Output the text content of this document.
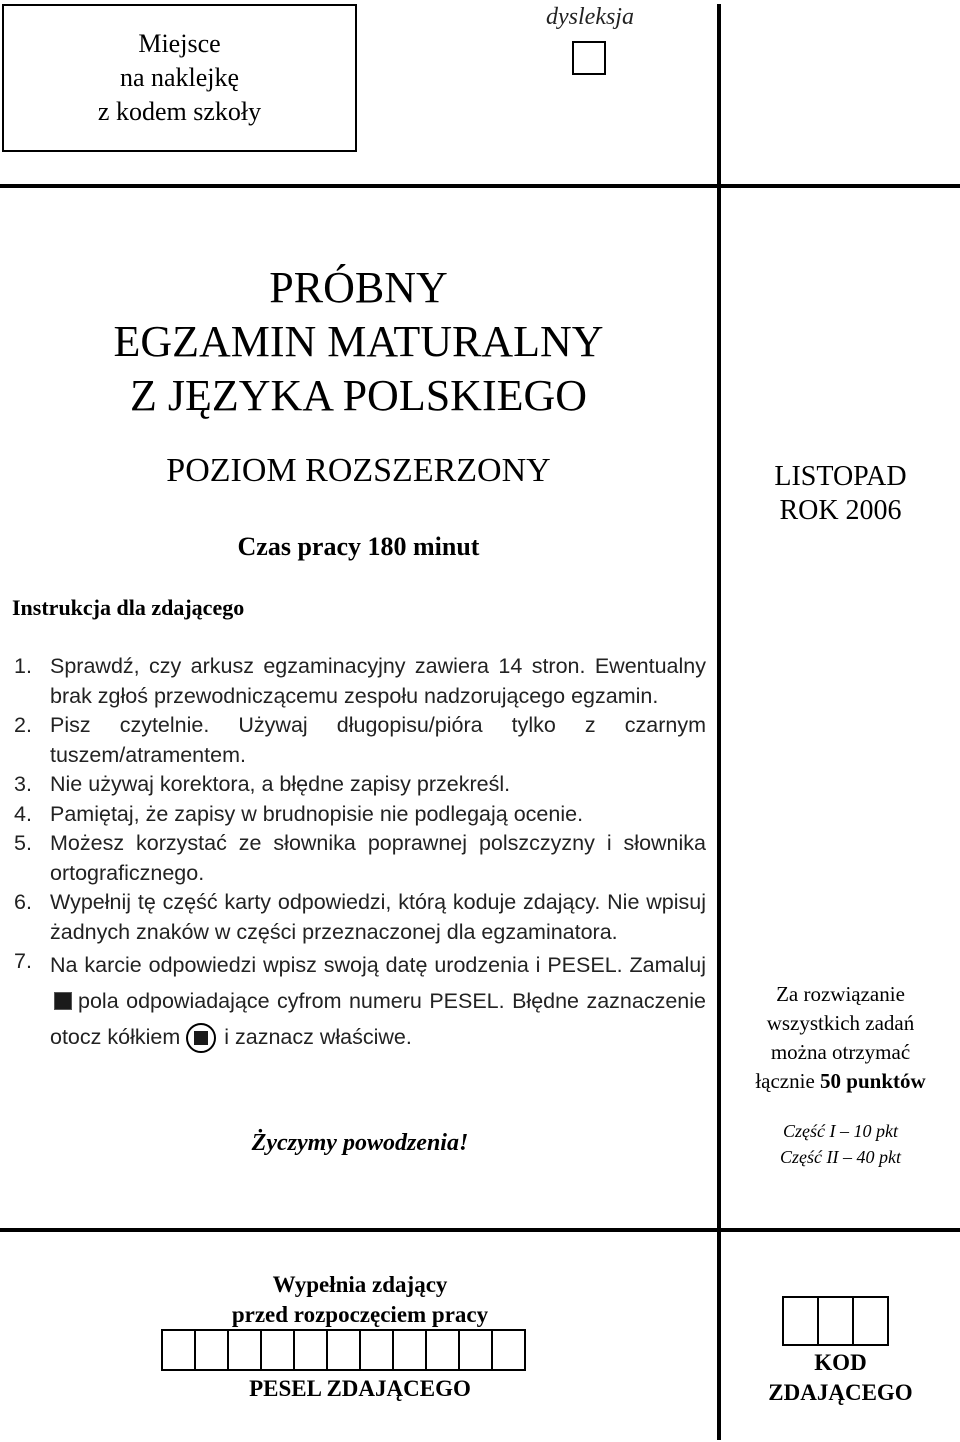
Miejsce
na naklejkę
z kodem szkoły
dysleksja
PRÓBNY
EGZAMIN MATURALNY
Z JĘZYKA POLSKIEGO
POZIOM ROZSZERZONY
Czas pracy 180 minut
LISTOPAD
ROK 2006
Instrukcja dla zdającego
1. Sprawdź, czy arkusz egzaminacyjny zawiera 14 stron. Ewentualny brak zgłoś przewodniczącemu zespołu nadzorującego egzamin.
2. Pisz czytelnie. Używaj długopisu/pióra tylko z czarnym tuszem/atramentem.
3. Nie używaj korektora, a błędne zapisy przekreśl.
4. Pamiętaj, że zapisy w brudnopisie nie podlegają ocenie.
5. Możesz korzystać ze słownika poprawnej polszczyzny i słownika ortograficznego.
6. Wypełnij tę część karty odpowiedzi, którą koduje zdający. Nie wpisuj żadnych znaków w części przeznaczonej dla egzaminatora.
7. Na karcie odpowiedzi wpisz swoją datę urodzenia i PESEL. Zamalujpola odpowiadające cyfrom numeru PESEL. Błędne zaznaczenie otocz kółkiem i zaznacz właściwe.
Życzymy powodzenia!
Za rozwiązanie
wszystkich zadań
można otrzymać
łącznie 50 punktów
Część I – 10 pkt
Część II – 40 pkt
Wypełnia zdający
przed rozpoczęciem pracy
PESEL ZDAJĄCEGO
KOD
ZDAJĄCEGO
